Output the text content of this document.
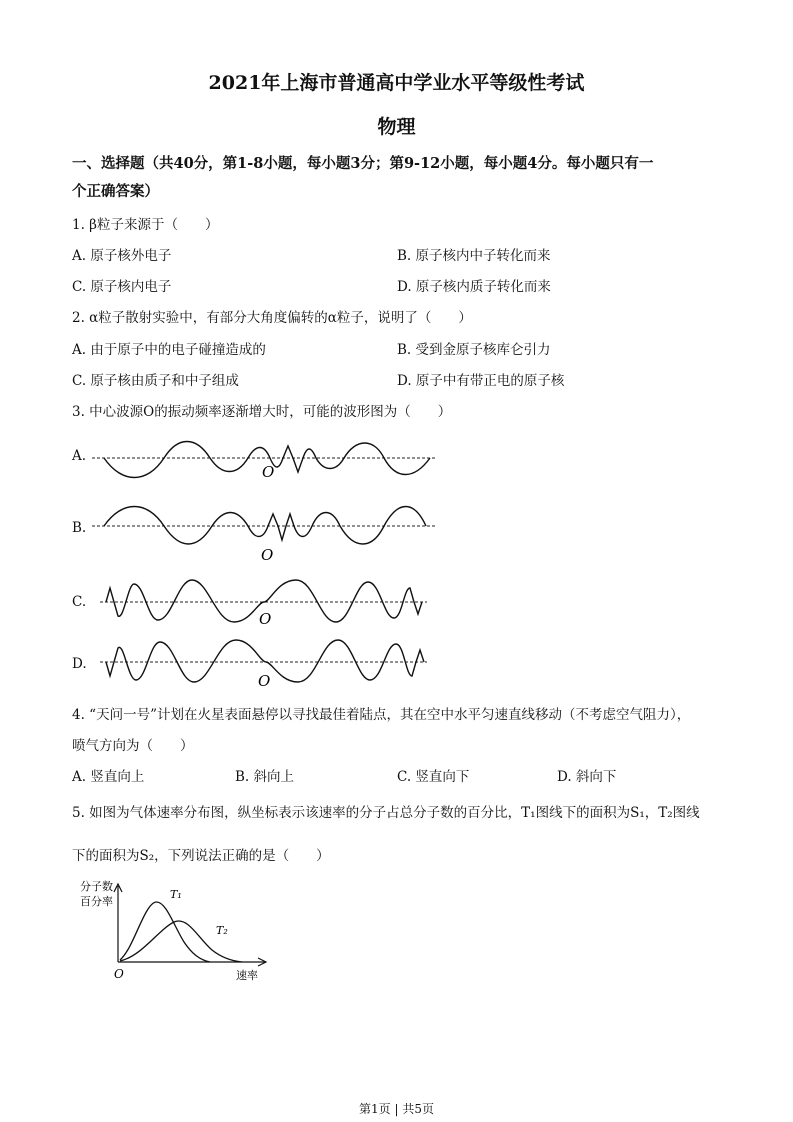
2021年上海市普通高中学业水平等级性考试
物理
一、选择题（共40分，第1-8小题，每小题3分；第9-12小题，每小题4分。每小题只有一
个正确答案）
1. β粒子来源于（　　）
A. 原子核外电子	B. 原子核内中子转化而来
C. 原子核内电子	D. 原子核内质子转化而来
2. α粒子散射实验中，有部分大角度偏转的α粒子，说明了（　　）
A. 由于原子中的电子碰撞造成的	B. 受到金原子核库仑引力
C. 原子核由质子和中子组成	D. 原子中有带正电的原子核
3. 中心波源O的振动频率逐渐增大时，可能的波形图为（　　）
A.
O
B.
O
C.
O
D.
O
4. “天问一号”计划在火星表面悬停以寻找最佳着陆点，其在空中水平匀速直线移动（不考虑空气阻力），
喷气方向为（　　）
A. 竖直向上	B. 斜向上	C. 竖直向下	D. 斜向下
5. 如图为气体速率分布图，纵坐标表示该速率的分子占总分子数的百分比，T₁图线下的面积为S₁，T₂图线
下的面积为S₂，下列说法正确的是（　　）
分子数
百分率
T₁
T₂
O	速率
第1页 | 共5页
